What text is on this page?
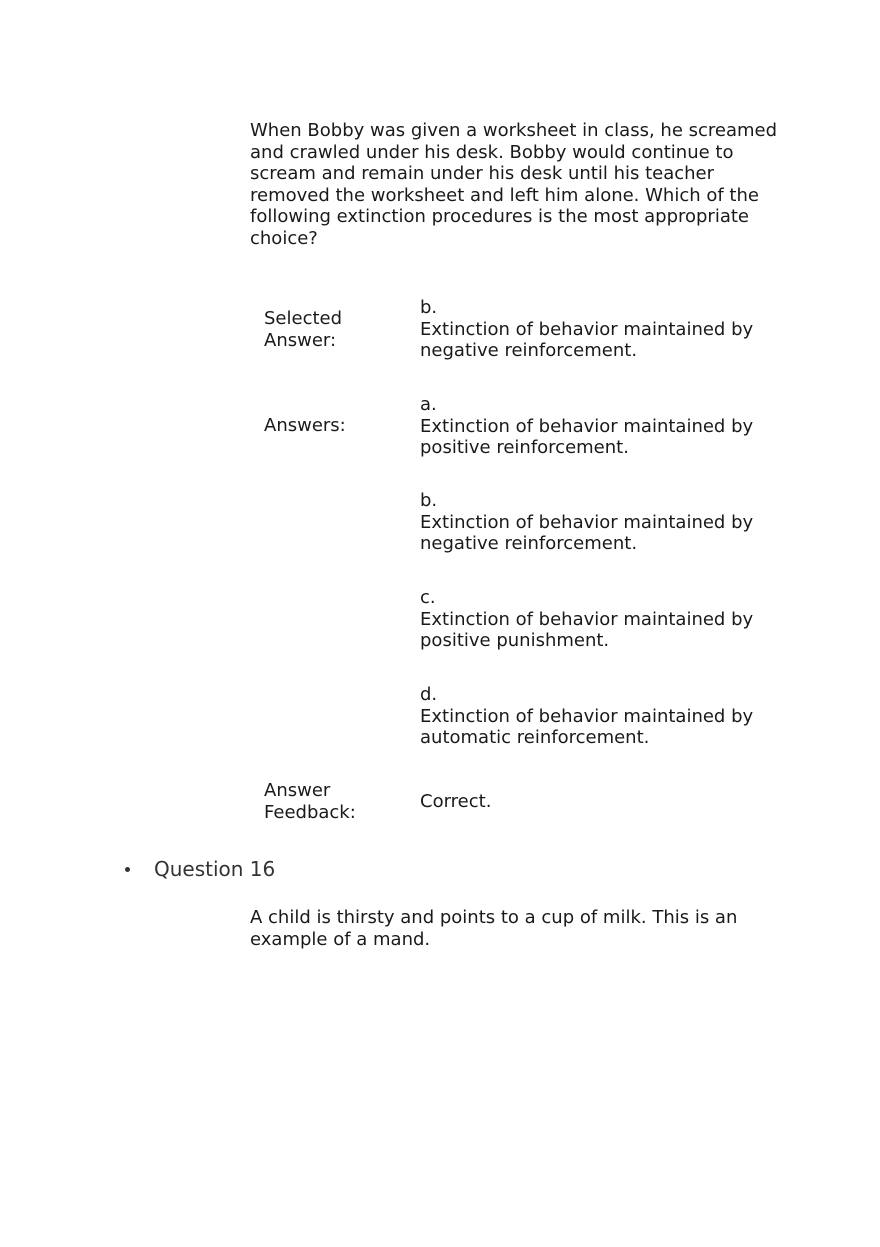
When Bobby was given a worksheet in class, he screamed
and crawled under his desk. Bobby would continue to
scream and remain under his desk until his teacher
removed the worksheet and left him alone. Which of the
following extinction procedures is the most appropriate
choice?
Selected
Answer:
b.
Extinction of behavior maintained by
negative reinforcement.
Answers:
a.
Extinction of behavior maintained by
positive reinforcement.
b.
Extinction of behavior maintained by
negative reinforcement.
c.
Extinction of behavior maintained by
positive punishment.
d.
Extinction of behavior maintained by
automatic reinforcement.
Answer
Feedback:	Correct.
Question 16
A child is thirsty and points to a cup of milk. This is an
example of a mand.
